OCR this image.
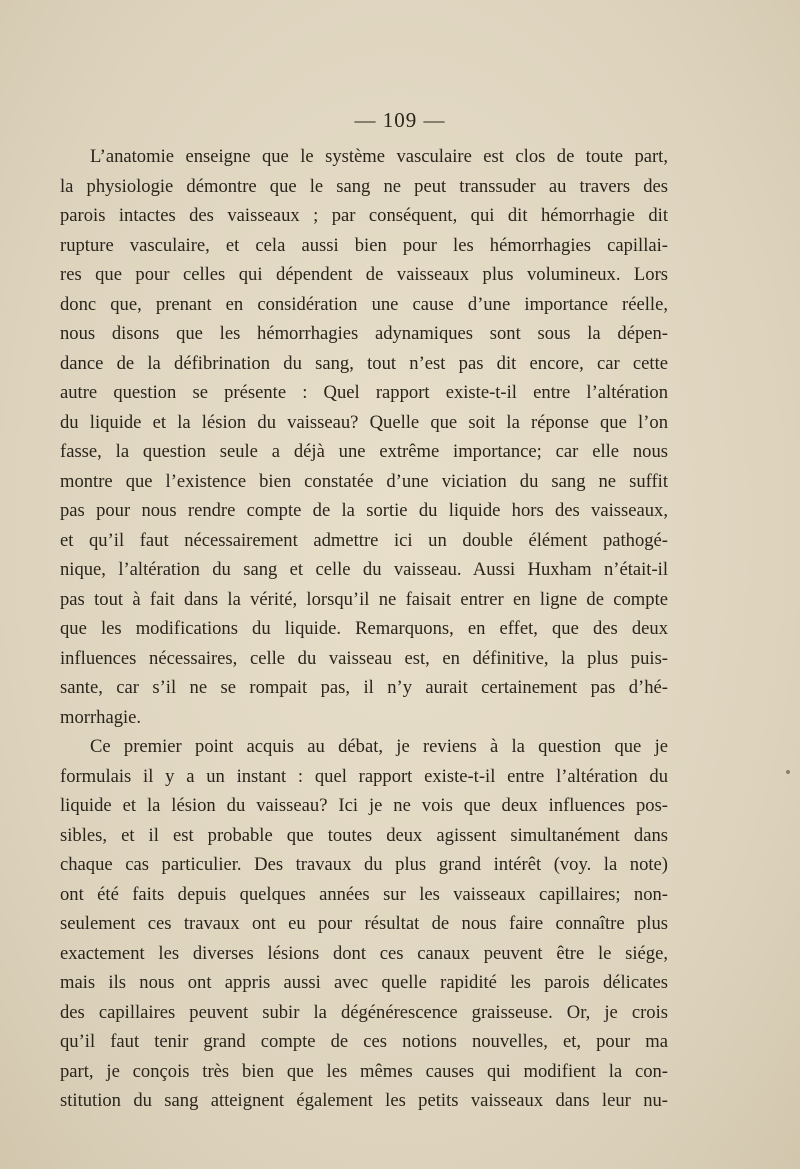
— 109 —
L’anatomie enseigne que le système vasculaire est clos de toute part,
la physiologie démontre que le sang ne peut transsuder au travers des
parois intactes des vaisseaux ; par conséquent, qui dit hémorrhagie dit
rupture vasculaire, et cela aussi bien pour les hémorrhagies capillai-
res que pour celles qui dépendent de vaisseaux plus volumineux. Lors
donc que, prenant en considération une cause d’une importance réelle,
nous disons que les hémorrhagies adynamiques sont sous la dépen-
dance de la défibrination du sang, tout n’est pas dit encore, car cette
autre question se présente : Quel rapport existe-t-il entre l’altération
du liquide et la lésion du vaisseau? Quelle que soit la réponse que l’on
fasse, la question seule a déjà une extrême importance; car elle nous
montre que l’existence bien constatée d’une viciation du sang ne suffit
pas pour nous rendre compte de la sortie du liquide hors des vaisseaux,
et qu’il faut nécessairement admettre ici un double élément pathogé-
nique, l’altération du sang et celle du vaisseau. Aussi Huxham n’était-il
pas tout à fait dans la vérité, lorsqu’il ne faisait entrer en ligne de compte
que les modifications du liquide. Remarquons, en effet, que des deux
influences nécessaires, celle du vaisseau est, en définitive, la plus puis-
sante, car s’il ne se rompait pas, il n’y aurait certainement pas d’hé-
morrhagie.
Ce premier point acquis au débat, je reviens à la question que je
formulais il y a un instant : quel rapport existe-t-il entre l’altération du
liquide et la lésion du vaisseau? Ici je ne vois que deux influences pos-
sibles, et il est probable que toutes deux agissent simultanément dans
chaque cas particulier. Des travaux du plus grand intérêt (voy. la note)
ont été faits depuis quelques années sur les vaisseaux capillaires; non-
seulement ces travaux ont eu pour résultat de nous faire connaître plus
exactement les diverses lésions dont ces canaux peuvent être le siége,
mais ils nous ont appris aussi avec quelle rapidité les parois délicates
des capillaires peuvent subir la dégénérescence graisseuse. Or, je crois
qu’il faut tenir grand compte de ces notions nouvelles, et, pour ma
part, je conçois très bien que les mêmes causes qui modifient la con-
stitution du sang atteignent également les petits vaisseaux dans leur nu-
